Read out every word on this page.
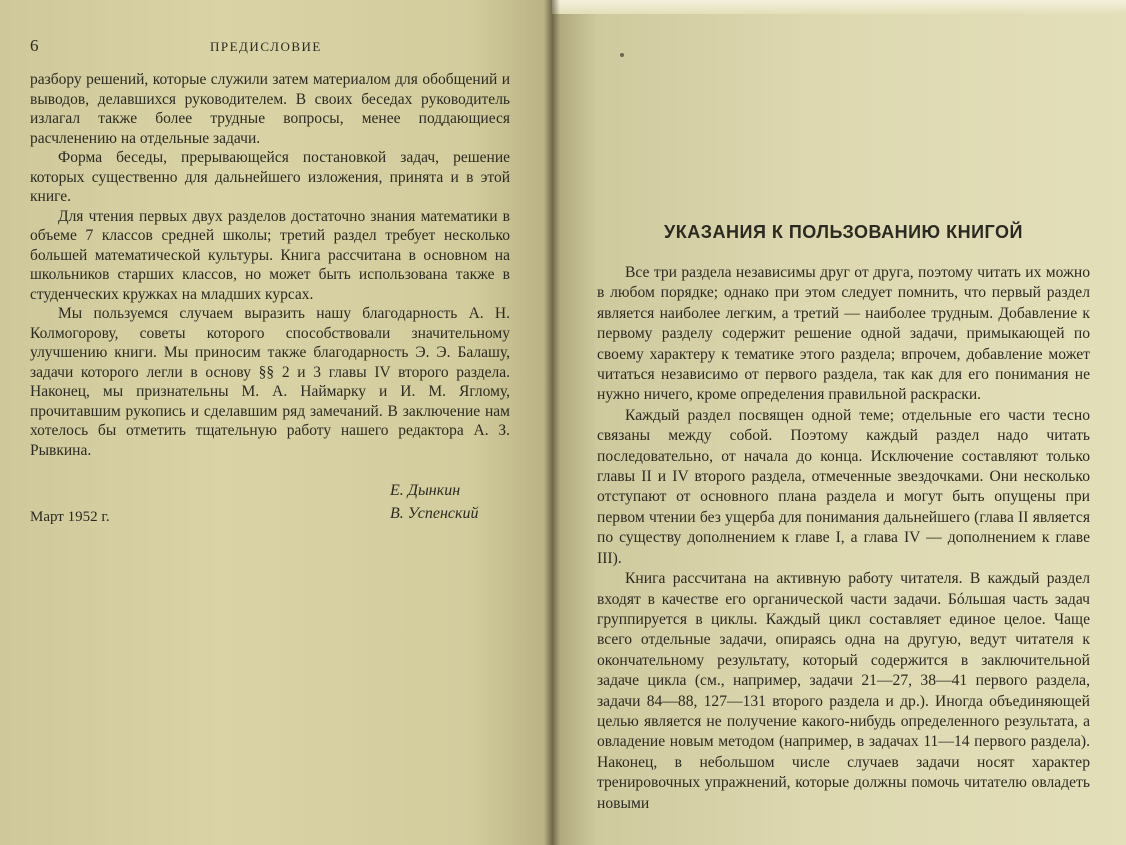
6	ПРЕДИСЛОВИЕ

разбору решений, которые служили затем материалом для обобщений и выводов, делавшихся руководителем. В своих беседах руководитель излагал также более трудные вопросы, менее поддающиеся расчленению на отдельные задачи.

Форма беседы, прерывающейся постановкой задач, решение которых существенно для дальнейшего изложения, принята и в этой книге.

Для чтения первых двух разделов достаточно знания математики в объеме 7 классов средней школы; третий раздел требует несколько большей математической культуры. Книга рассчитана в основном на школьников старших классов, но может быть использована также в студенческих кружках на младших курсах.

Мы пользуемся случаем выразить нашу благодарность А. Н. Колмогорову, советы которого способствовали значительному улучшению книги. Мы приносим также благодарность Э. Э. Балашу, задачи которого легли в основу §§ 2 и 3 главы IV второго раздела. Наконец, мы признательны М. А. Наймарку и И. М. Яглому, прочитавшим рукопись и сделавшим ряд замечаний. В заключение нам хотелось бы отметить тщательную работу нашего редактора А. З. Рывкина.

Е. Дынкин
В. Успенский
Март 1952 г.
УКАЗАНИЯ К ПОЛЬЗОВАНИЮ КНИГОЙ

Все три раздела независимы друг от друга, поэтому читать их можно в любом порядке; однако при этом следует помнить, что первый раздел является наиболее легким, а третий — наиболее трудным. Добавление к первому разделу содержит решение одной задачи, примыкающей по своему характеру к тематике этого раздела; впрочем, добавление может читаться независимо от первого раздела, так как для его понимания не нужно ничего, кроме определения правильной раскраски.

Каждый раздел посвящен одной теме; отдельные его части тесно связаны между собой. Поэтому каждый раздел надо читать последовательно, от начала до конца. Исключение составляют только главы II и IV второго раздела, отмеченные звездочками. Они несколько отступают от основного плана раздела и могут быть опущены при первом чтении без ущерба для понимания дальнейшего (глава II является по существу дополнением к главе I, а глава IV — дополнением к главе III).

Книга рассчитана на активную работу читателя. В каждый раздел входят в качестве его органической части задачи. Бóльшая часть задач группируется в циклы. Каждый цикл составляет единое целое. Чаще всего отдельные задачи, опираясь одна на другую, ведут читателя к окончательному результату, который содержится в заключительной задаче цикла (см., например, задачи 21—27, 38—41 первого раздела, задачи 84—88, 127—131 второго раздела и др.). Иногда объединяющей целью является не получение какого-нибудь определенного результата, а овладение новым методом (например, в задачах 11—14 первого раздела). Наконец, в небольшом числе случаев задачи носят характер тренировочных упражнений, которые должны помочь читателю овладеть новыми
